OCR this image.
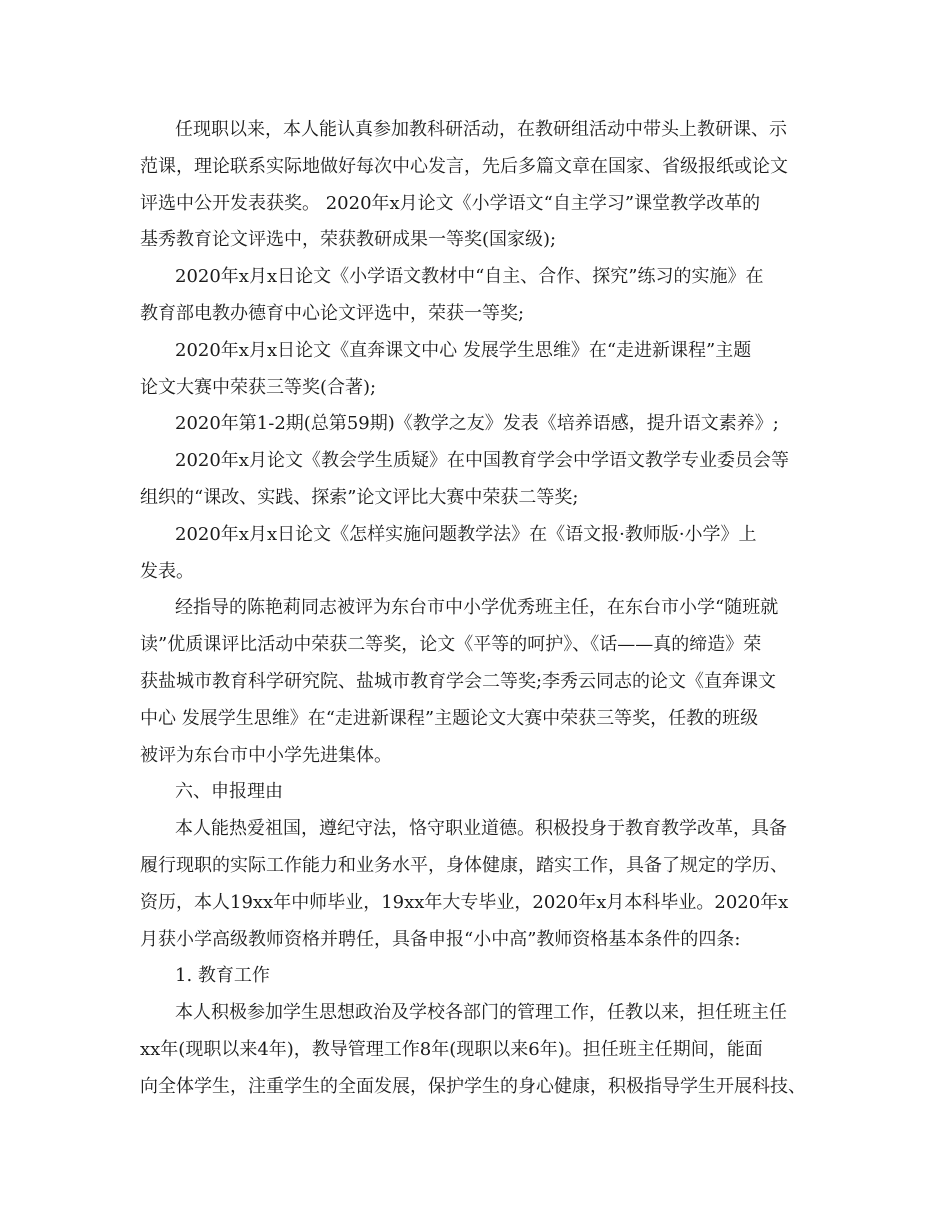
任现职以来，本人能认真参加教科研活动，在教研组活动中带头上教研课、示
范课，理论联系实际地做好每次中心发言，先后多篇文章在国家、省级报纸或论文
评选中公开发表获奖。 2020年x月论文《小学语文“自主学习”课堂教学改革的
基秀教育论文评选中，荣获教研成果一等奖(国家级);
2020年x月x日论文《小学语文教材中“自主、合作、探究”练习的实施》在
教育部电教办德育中心论文评选中，荣获一等奖;
2020年x月x日论文《直奔课文中心 发展学生思维》在“走进新课程”主题
论文大赛中荣获三等奖(合著);
2020年第1-2期(总第59期)《教学之友》发表《培养语感，提升语文素养》;
2020年x月论文《教会学生质疑》在中国教育学会中学语文教学专业委员会等
组织的“课改、实践、探索”论文评比大赛中荣获二等奖;
2020年x月x日论文《怎样实施问题教学法》在《语文报·教师版·小学》上
发表。
经指导的陈艳莉同志被评为东台市中小学优秀班主任，在东台市小学“随班就
读”优质课评比活动中荣获二等奖，论文《平等的呵护》、《话——真的缔造》荣
获盐城市教育科学研究院、盐城市教育学会二等奖;李秀云同志的论文《直奔课文
中心 发展学生思维》在“走进新课程”主题论文大赛中荣获三等奖，任教的班级
被评为东台市中小学先进集体。
六、申报理由
本人能热爱祖国，遵纪守法，恪守职业道德。积极投身于教育教学改革，具备
履行现职的实际工作能力和业务水平，身体健康，踏实工作，具备了规定的学历、
资历，本人19xx年中师毕业，19xx年大专毕业，2020年x月本科毕业。2020年x
月获小学高级教师资格并聘任，具备申报“小中高”教师资格基本条件的四条:
1. 教育工作
本人积极参加学生思想政治及学校各部门的管理工作，任教以来，担任班主任
xx年(现职以来4年)，教导管理工作8年(现职以来6年)。担任班主任期间，能面
向全体学生，注重学生的全面发展，保护学生的身心健康，积极指导学生开展科技、
